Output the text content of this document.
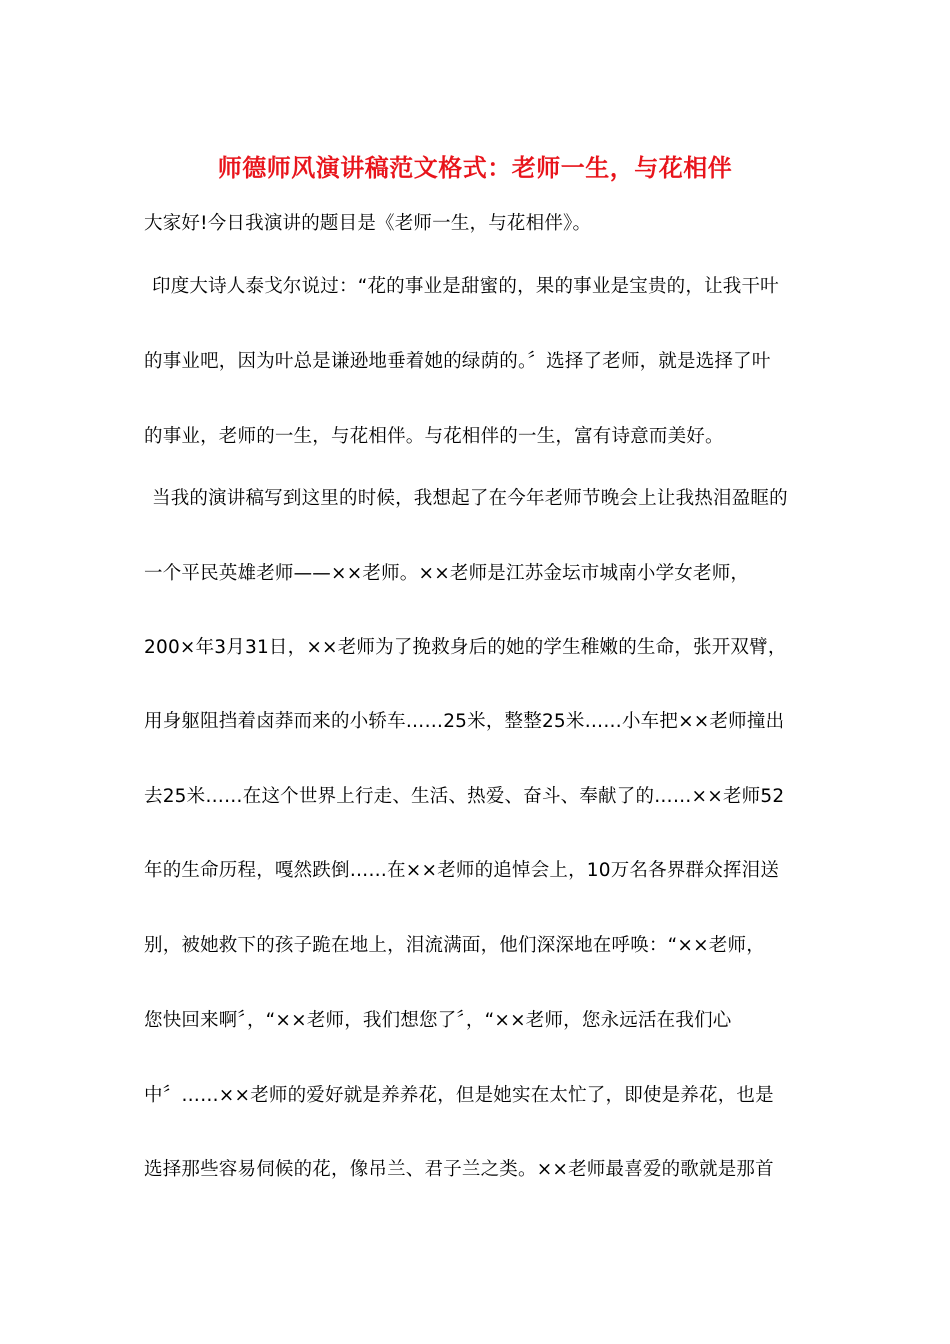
师德师风演讲稿范文格式：老师一生，与花相伴
大家好!今日我演讲的题目是《老师一生，与花相伴》。
印度大诗人泰戈尔说过：“花的事业是甜蜜的，果的事业是宝贵的，让我干叶
的事业吧，因为叶总是谦逊地垂着她的绿荫的。〞选择了老师，就是选择了叶
的事业，老师的一生，与花相伴。与花相伴的一生，富有诗意而美好。
当我的演讲稿写到这里的时候，我想起了在今年老师节晚会上让我热泪盈眶的
一个平民英雄老师——××老师。××老师是江苏金坛市城南小学女老师，
200×年3月31日，××老师为了挽救身后的她的学生稚嫩的生命，张开双臂，
用身躯阻挡着卤莽而来的小轿车……25米，整整25米……小车把××老师撞出
去25米……在这个世界上行走、生活、热爱、奋斗、奉献了的……××老师52
年的生命历程，嘎然跌倒……在××老师的追悼会上，10万名各界群众挥泪送
别，被她救下的孩子跪在地上，泪流满面，他们深深地在呼唤：“××老师，
您快回来啊〞，“××老师，我们想您了〞，“××老师，您永远活在我们心
中〞……××老师的爱好就是养养花，但是她实在太忙了，即使是养花，也是
选择那些容易伺候的花，像吊兰、君子兰之类。××老师最喜爱的歌就是那首
